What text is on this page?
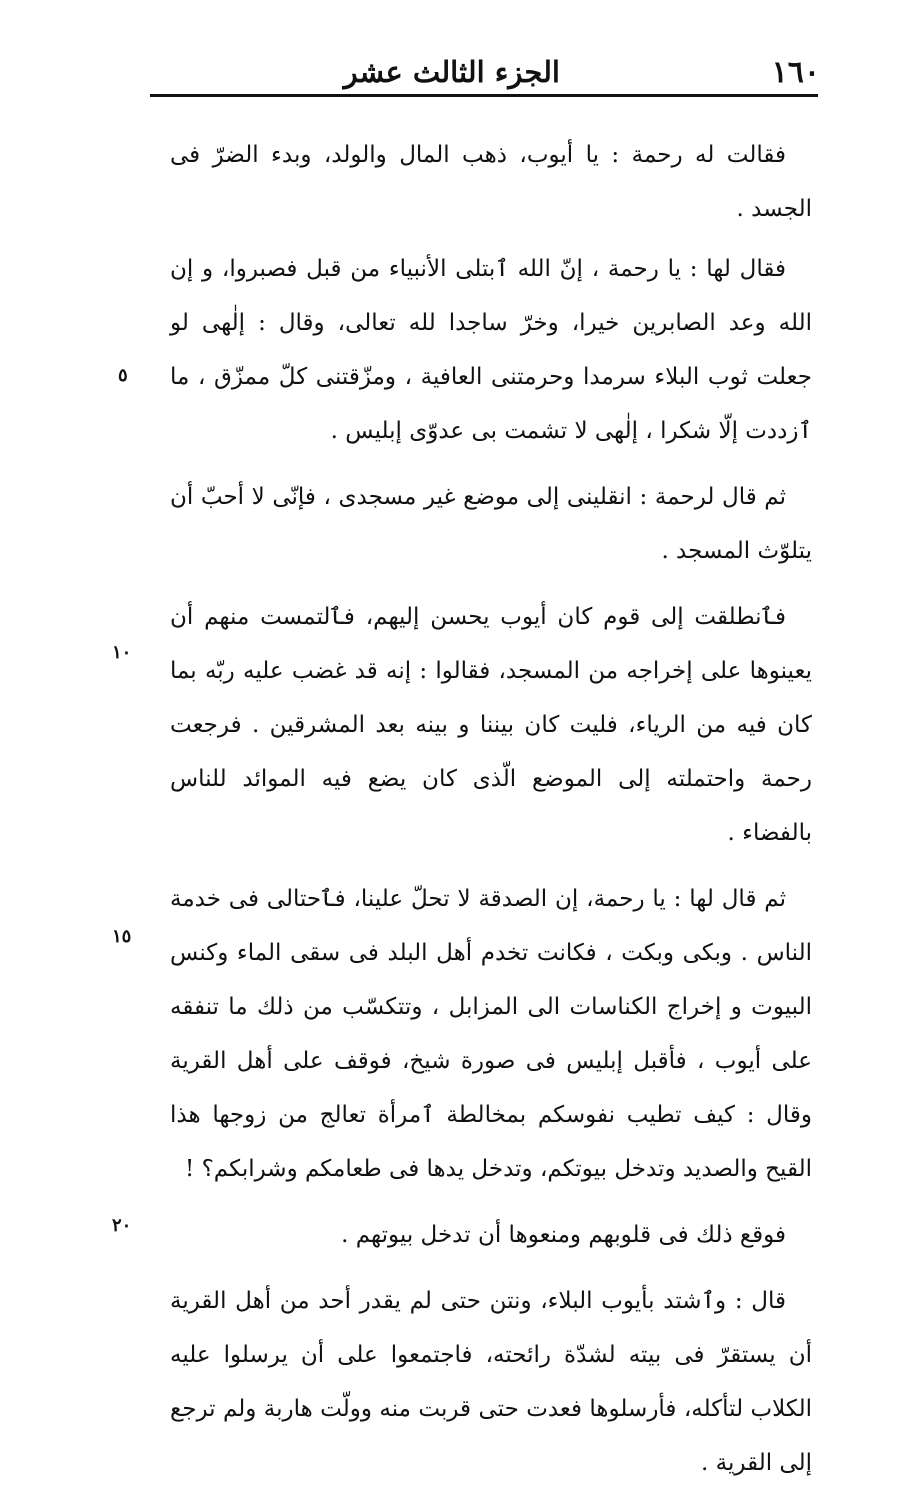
١٦٠
الجزء الثالث عشر

فقالت له رحمة : يا أيوب، ذهب المال والولد، وبدء الضرّ فى الجسد .

فقال لها : يا رحمة ، إنّ الله ٱبتلى الأنبياء من قبل فصبروا، و إن الله وعد الصابرين خيرا، وخرّ ساجدا لله تعالى، وقال : إلٰهى لو جعلت ثوب البلاء سرمدا وحرمتنى العافية ، ومزّقتنى كلّ ممزّق ، ما ٱزددت إلّا شكرا ، إلٰهى لا تشمت بى عدوّى إبليس .

ثم قال لرحمة : انقلينى إلى موضع غير مسجدى ، فإنّى لا أحبّ أن يتلوّث المسجد .

فٱنطلقت إلى قوم كان أيوب يحسن إليهم، فٱلتمست منهم أن يعينوها على إخراجه من المسجد، فقالوا : إنه قد غضب عليه ربّه بما كان فيه من الرياء، فليت كان بيننا و بينه بعد المشرقين . فرجعت رحمة واحتملته إلى الموضع الّذى كان يضع فيه الموائد للناس بالفضاء .

ثم قال لها : يا رحمة، إن الصدقة لا تحلّ علينا، فٱحتالى فى خدمة الناس . وبكى وبكت ، فكانت تخدم أهل البلد فى سقى الماء وكنس البيوت و إخراج الكناسات الى المزابل ، وتتكسّب من ذلك ما تنفقه على أيوب ، فأقبل إبليس فى صورة شيخ، فوقف على أهل القرية وقال : كيف تطيب نفوسكم بمخالطة ٱمرأة تعالج من زوجها هذا القيح والصديد وتدخل بيوتكم، وتدخل يدها فى طعامكم وشرابكم؟ !

فوقع ذلك فى قلوبهم ومنعوها أن تدخل بيوتهم .

قال : وٱشتد بأيوب البلاء، ونتن حتى لم يقدر أحد من أهل القرية أن يستقرّ فى بيته لشدّة رائحته، فاجتمعوا على أن يرسلوا عليه الكلاب لتأكله، فأرسلوها فعدت حتى قربت منه وولّت هاربة ولم ترجع إلى القرية .

٥
١٠
١٥
٢٠
